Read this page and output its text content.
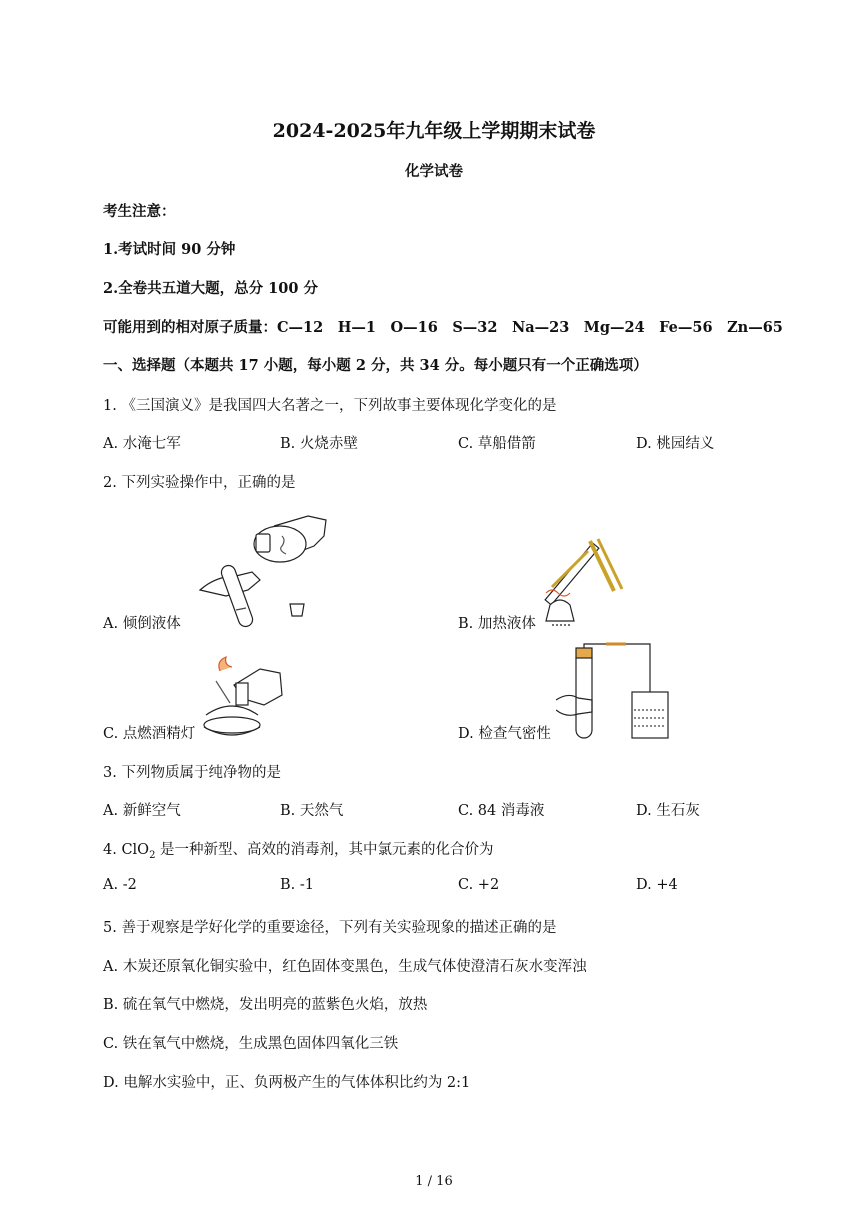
2024-2025年九年级上学期期末试卷
化学试卷
考生注意：
1.考试时间 90 分钟
2.全卷共五道大题，总分 100 分
可能用到的相对原子质量：C—12　H—1　O—16　S—32　Na—23　Mg—24　Fe—56　Zn—65
一、选择题（本题共 17 小题，每小题 2 分，共 34 分。每小题只有一个正确选项）
1. 《三国演义》是我国四大名著之一，下列故事主要体现化学变化的是
A. 水淹七军	B. 火烧赤壁	C. 草船借箭	D. 桃园结义
2. 下列实验操作中，正确的是
A. 倾倒液体	B. 加热液体
C. 点燃酒精灯	D. 检查气密性
3. 下列物质属于纯净物的是
A. 新鲜空气	B. 天然气	C. 84 消毒液	D. 生石灰
4. ClO$_2$ 是一种新型、高效的消毒剂，其中氯元素的化合价为
A. -2	B. -1	C. +2	D. +4
5. 善于观察是学好化学的重要途径，下列有关实验现象的描述正确的是
A. 木炭还原氧化铜实验中，红色固体变黑色，生成气体使澄清石灰水变浑浊
B. 硫在氧气中燃烧，发出明亮的蓝紫色火焰，放热
C. 铁在氧气中燃烧，生成黑色固体四氧化三铁
D. 电解水实验中，正、负两极产生的气体体积比约为 2:1
1 / 16
